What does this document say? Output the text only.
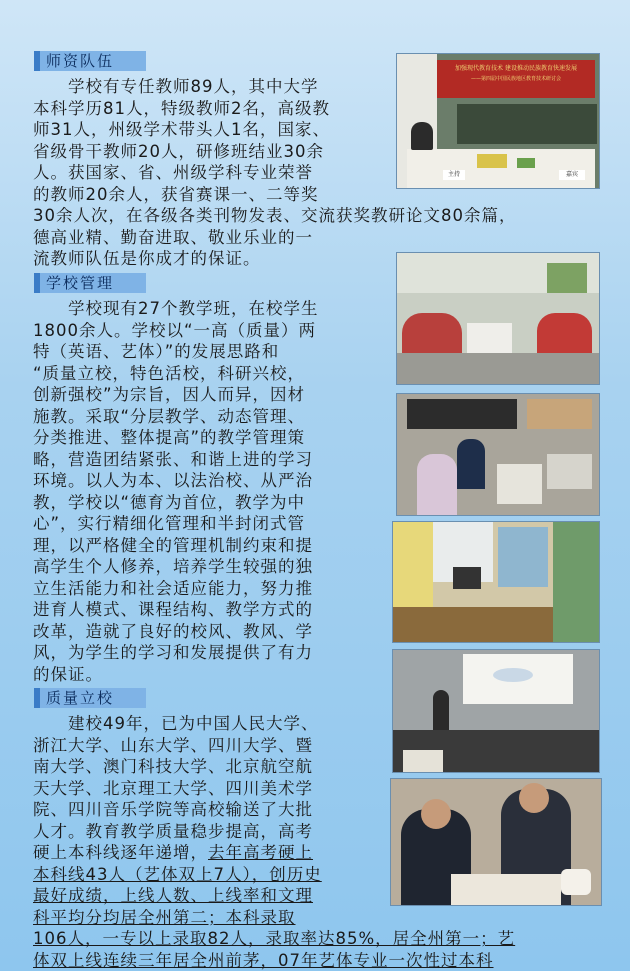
师资队伍
　　学校有专任教师89人，其中大学
本科学历81人，特级教师2名，高级教
师31人，州级学术带头人1名，国家、
省级骨干教师20人，研修班结业30余
人。获国家、省、州级学科专业荣誉
的教师20余人，获省赛课一、二等奖
30余人次，在各级各类刊物发表、交流获奖教研论文80余篇，
德高业精、勤奋进取、敬业乐业的一
流教师队伍是你成才的保证。
学校管理
　　学校现有27个教学班，在校学生
1800余人。学校以“一高（质量）两
特（英语、艺体）”的发展思路和
“质量立校，特色活校，科研兴校，
创新强校”为宗旨，因人而异，因材
施教。采取“分层教学、动态管理、
分类推进、整体提高”的教学管理策
略，营造团结紧张、和谐上进的学习
环境。以人为本、以法治校、从严治
教，学校以“德育为首位，教学为中
心”，实行精细化管理和半封闭式管
理，以严格健全的管理机制约束和提
高学生个人修养，培养学生较强的独
立生活能力和社会适应能力，努力推
进育人模式、课程结构、教学方式的
改革，造就了良好的校风、教风、学
风，为学生的学习和发展提供了有力
的保证。
质量立校
　　建校49年，已为中国人民大学、
浙江大学、山东大学、四川大学、暨
南大学、澳门科技大学、北京航空航
天大学、北京理工大学、四川美术学
院、四川音乐学院等高校输送了大批
人才。教育教学质量稳步提高，高考
硬上本科线逐年递增，去年高考硬上
本科线43人（艺体双上7人），创历史
最好成绩，上线人数、上线率和文理
科平均分均居全州第二；本科录取
106人，一专以上录取82人，录取率达85%，居全州第一；艺
体双上线连续三年居全州前茅，07年艺体专业一次性过本科
加强现代教育技术 建设推动民族教育快速发展
——第四届中国民族地区教育技术研讨会
主持	嘉宾
